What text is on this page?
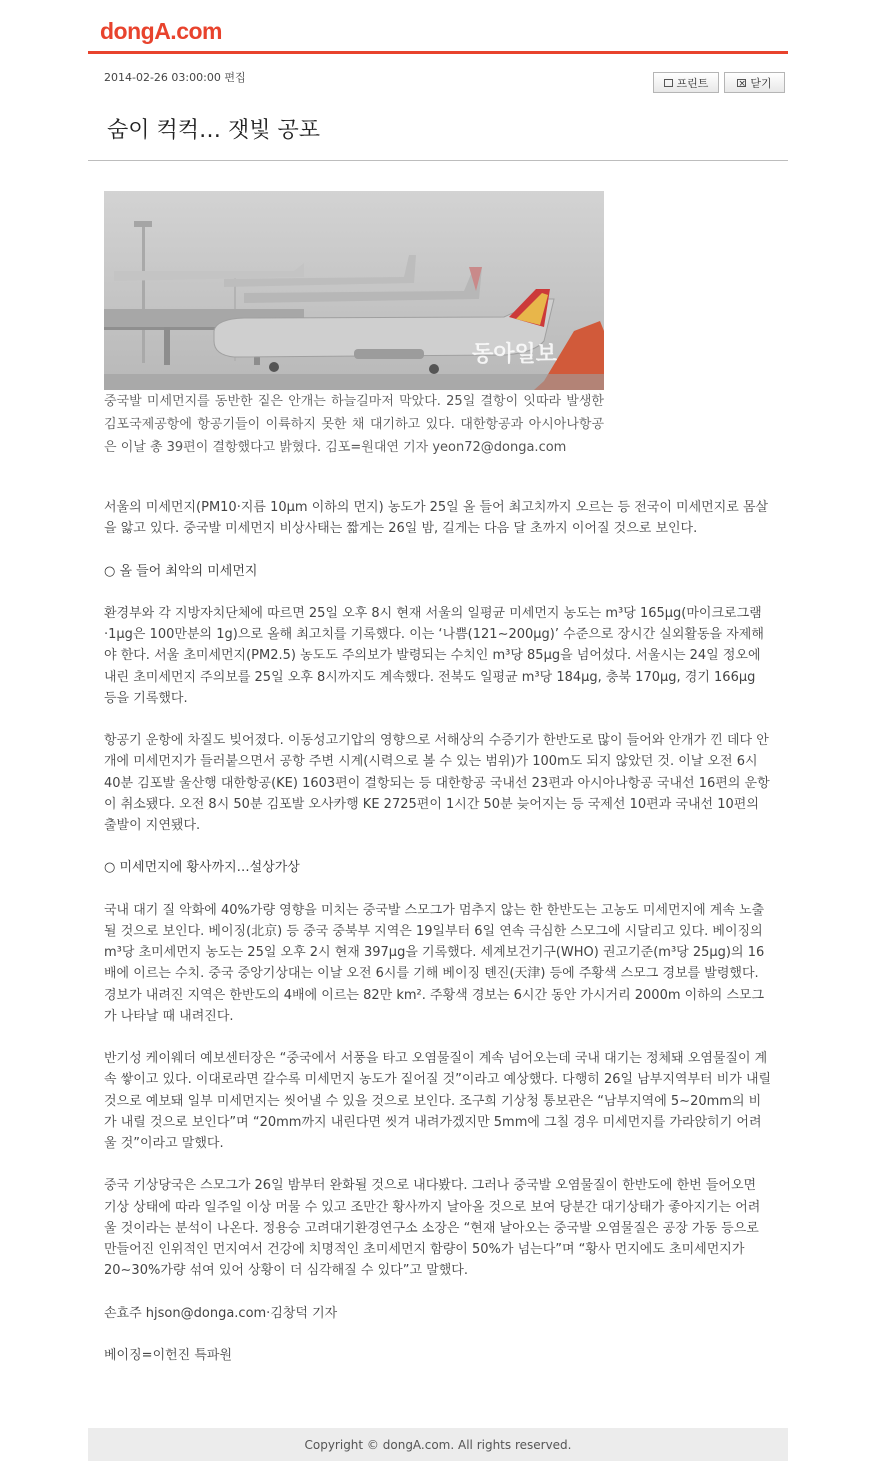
dongA.com
2014-02-26 03:00:00 편집	프린트	× 닫기
숨이 컥컥… 잿빛 공포
동아일보

중국발 미세먼지를 동반한 짙은 안개는 하늘길마저 막았다. 25일 결항이 잇따라 발생한 김포국제공항에 항공기들이 이륙하지 못한 채 대기하고 있다. 대한항공과 아시아나항공은 이날 총 39편이 결항했다고 밝혔다. 김포=원대연 기자 yeon72@donga.com

서울의 미세먼지(PM10·지름 10μm 이하의 먼지) 농도가 25일 올 들어 최고치까지 오르는 등 전국이 미세먼지로 몸살을 앓고 있다. 중국발 미세먼지 비상사태는 짧게는 26일 밤, 길게는 다음 달 초까지 이어질 것으로 보인다.

○ 올 들어 최악의 미세먼지

환경부와 각 지방자치단체에 따르면 25일 오후 8시 현재 서울의 일평균 미세먼지 농도는 m³당 165μg(마이크로그램·1μg은 100만분의 1g)으로 올해 최고치를 기록했다. 이는 ‘나쁨(121∼200μg)’ 수준으로 장시간 실외활동을 자제해야 한다. 서울 초미세먼지(PM2.5) 농도도 주의보가 발령되는 수치인 m³당 85μg을 넘어섰다. 서울시는 24일 정오에 내린 초미세먼지 주의보를 25일 오후 8시까지도 계속했다. 전북도 일평균 m³당 184μg, 충북 170μg, 경기 166μg 등을 기록했다.

항공기 운항에 차질도 빚어졌다. 이동성고기압의 영향으로 서해상의 수증기가 한반도로 많이 들어와 안개가 낀 데다 안개에 미세먼지가 들러붙으면서 공항 주변 시계(시력으로 볼 수 있는 범위)가 100m도 되지 않았던 것. 이날 오전 6시 40분 김포발 울산행 대한항공(KE) 1603편이 결항되는 등 대한항공 국내선 23편과 아시아나항공 국내선 16편의 운항이 취소됐다. 오전 8시 50분 김포발 오사카행 KE 2725편이 1시간 50분 늦어지는 등 국제선 10편과 국내선 10편의 출발이 지연됐다.

○ 미세먼지에 황사까지…설상가상

국내 대기 질 악화에 40%가량 영향을 미치는 중국발 스모그가 멈추지 않는 한 한반도는 고농도 미세먼지에 계속 노출될 것으로 보인다. 베이징(北京) 등 중국 중북부 지역은 19일부터 6일 연속 극심한 스모그에 시달리고 있다. 베이징의 m³당 초미세먼지 농도는 25일 오후 2시 현재 397μg을 기록했다. 세계보건기구(WHO) 권고기준(m³당 25μg)의 16배에 이르는 수치. 중국 중앙기상대는 이날 오전 6시를 기해 베이징 톈진(天津) 등에 주황색 스모그 경보를 발령했다. 경보가 내려진 지역은 한반도의 4배에 이르는 82만 km². 주황색 경보는 6시간 동안 가시거리 2000m 이하의 스모그가 나타날 때 내려진다.

반기성 케이웨더 예보센터장은 “중국에서 서풍을 타고 오염물질이 계속 넘어오는데 국내 대기는 정체돼 오염물질이 계속 쌓이고 있다. 이대로라면 갈수록 미세먼지 농도가 짙어질 것”이라고 예상했다. 다행히 26일 남부지역부터 비가 내릴 것으로 예보돼 일부 미세먼지는 씻어낼 수 있을 것으로 보인다. 조구희 기상청 통보관은 “남부지역에 5∼20mm의 비가 내릴 것으로 보인다”며 “20mm까지 내린다면 씻겨 내려가겠지만 5mm에 그칠 경우 미세먼지를 가라앉히기 어려울 것”이라고 말했다.

중국 기상당국은 스모그가 26일 밤부터 완화될 것으로 내다봤다. 그러나 중국발 오염물질이 한반도에 한번 들어오면 기상 상태에 따라 일주일 이상 머물 수 있고 조만간 황사까지 날아올 것으로 보여 당분간 대기상태가 좋아지기는 어려울 것이라는 분석이 나온다. 정용승 고려대기환경연구소 소장은 “현재 날아오는 중국발 오염물질은 공장 가동 등으로 만들어진 인위적인 먼지여서 건강에 치명적인 초미세먼지 함량이 50%가 넘는다”며 “황사 먼지에도 초미세먼지가 20∼30%가량 섞여 있어 상황이 더 심각해질 수 있다”고 말했다.

손효주 hjson@donga.com·김창덕 기자

베이징=이헌진 특파원

Copyright © dongA.com. All rights reserved.
